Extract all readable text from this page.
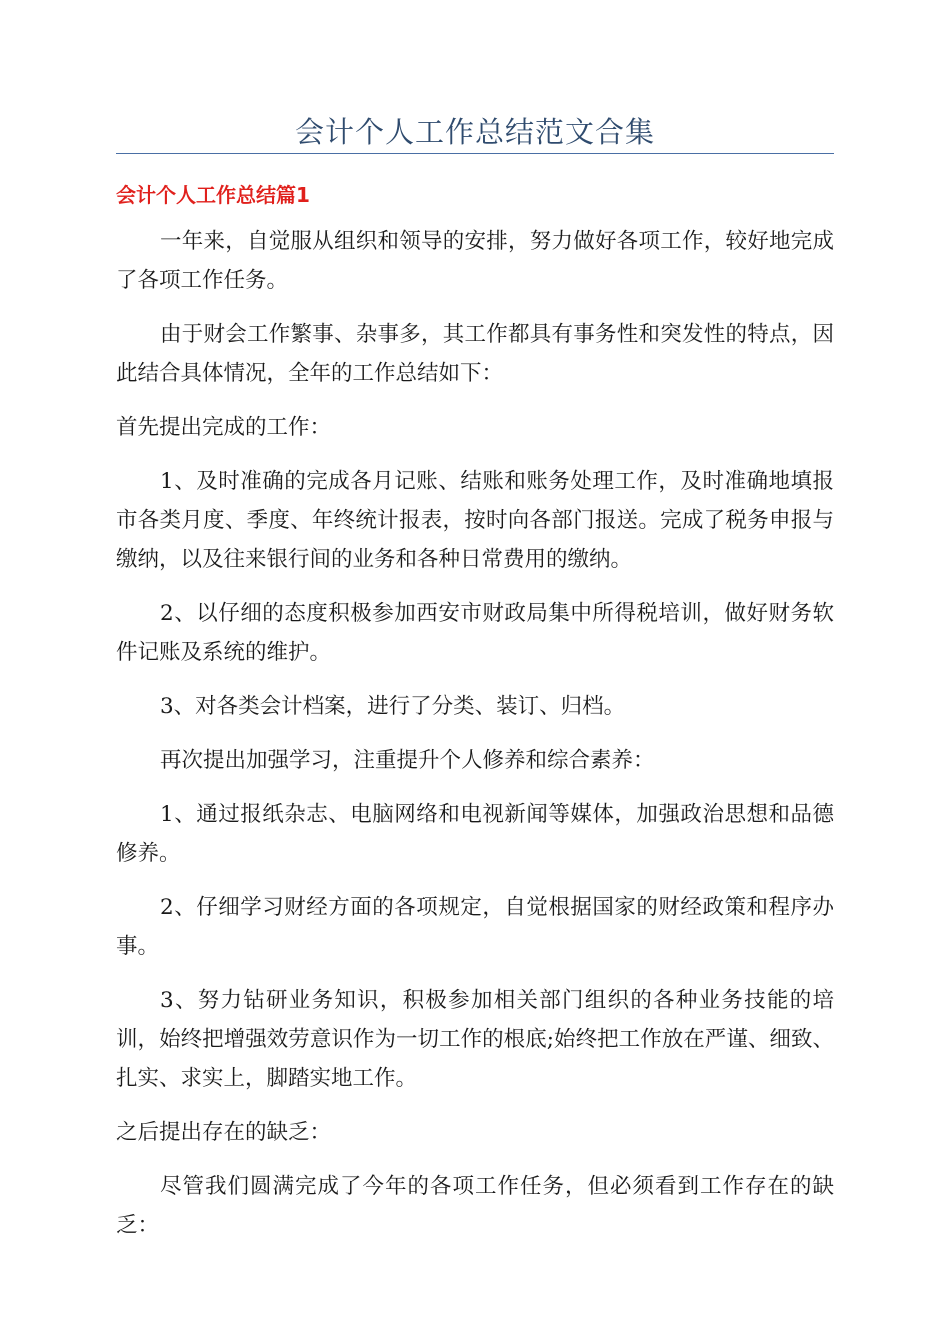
会计个人工作总结范文合集
会计个人工作总结篇1

一年来，自觉服从组织和领导的安排，努力做好各项工作，较好地完成了各项工作任务。

由于财会工作繁事、杂事多，其工作都具有事务性和突发性的特点，因此结合具体情况，全年的工作总结如下：

首先提出完成的工作：

1、及时准确的完成各月记账、结账和账务处理工作，及时准确地填报市各类月度、季度、年终统计报表，按时向各部门报送。完成了税务申报与缴纳，以及往来银行间的业务和各种日常费用的缴纳。

2、以仔细的态度积极参加西安市财政局集中所得税培训，做好财务软件记账及系统的维护。

3、对各类会计档案，进行了分类、装订、归档。

再次提出加强学习，注重提升个人修养和综合素养：

1、通过报纸杂志、电脑网络和电视新闻等媒体，加强政治思想和品德修养。

2、仔细学习财经方面的各项规定，自觉根据国家的财经政策和程序办事。

3、努力钻研业务知识，积极参加相关部门组织的各种业务技能的培训，始终把增强效劳意识作为一切工作的根底;始终把工作放在严谨、细致、扎实、求实上，脚踏实地工作。

之后提出存在的缺乏：

尽管我们圆满完成了今年的各项工作任务，但必须看到工作存在的缺乏：
